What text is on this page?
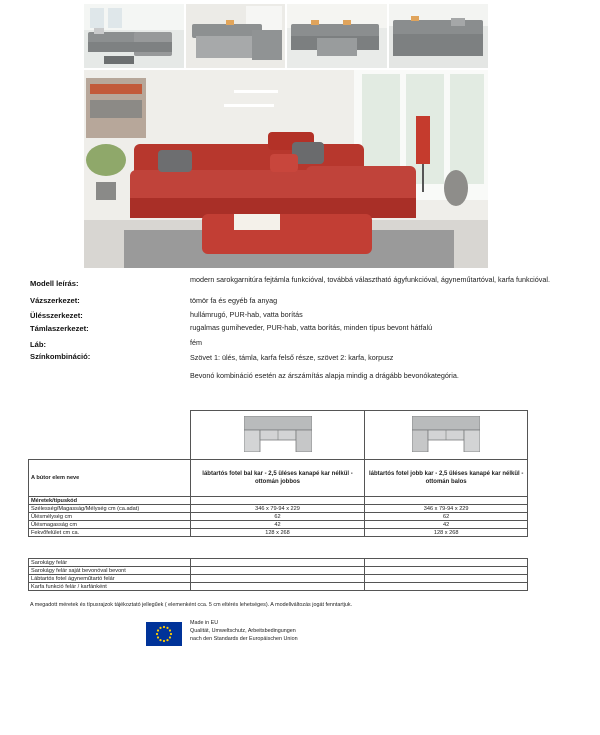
Modell leírás:	modern sarokgarnitúra fejtámla funkcióval, továbbá választható ágyfunkcióval, ágyneműtartóval, karfa funkcióval.
Vázszerkezet:	tömör fa és egyéb fa anyag
Ülésszerkezet:	hullámrugó, PUR-hab, vatta borítás
Támlaszerkezet:	rugalmas gumiheveder, PUR-hab, vatta borítás, minden típus bevont hátfalú
Láb:	fém
Színkombináció:	Szövet 1: ülés, támla, karfa felső része, szövet 2: karfa, korpusz
Bevonó kombináció esetén az árszámítás alapja mindig a drágább bevonókategória.

A bútor elem neve	lábtartós fotel bal kar - 2,5 üléses kanapé kar nélkül - ottomán jobbos	lábtartós fotel jobb kar - 2,5 üléses kanapé kar nélkül - ottomán balos
Méretek/típuskód		
Szélesség/Magasság/Mélység cm (ca.adat)	346 x 79-94 x 229	346 x 79-94 x 229
Ülésmélység cm	62	62
Ülésmagasság cm	42	42
Fekvőfelület cm ca.	128 x 268	128 x 268
Sarokágy felár		
Sarokágy felár saját bevonóval bevont		
Lábtartós fotel ágyneműtartó felár		
Karfa funkció felár / karfánként		
A megadott méretek és típusrajzok tájékoztató jellegűek ( elemenként cca. 5 cm eltérés lehetséges). A modellváltozás jogát fenntartjuk.
Made in EU
Qualität, Umweltschutz, Arbeitsbedingungen
nach den Standards der Europäischen Union
